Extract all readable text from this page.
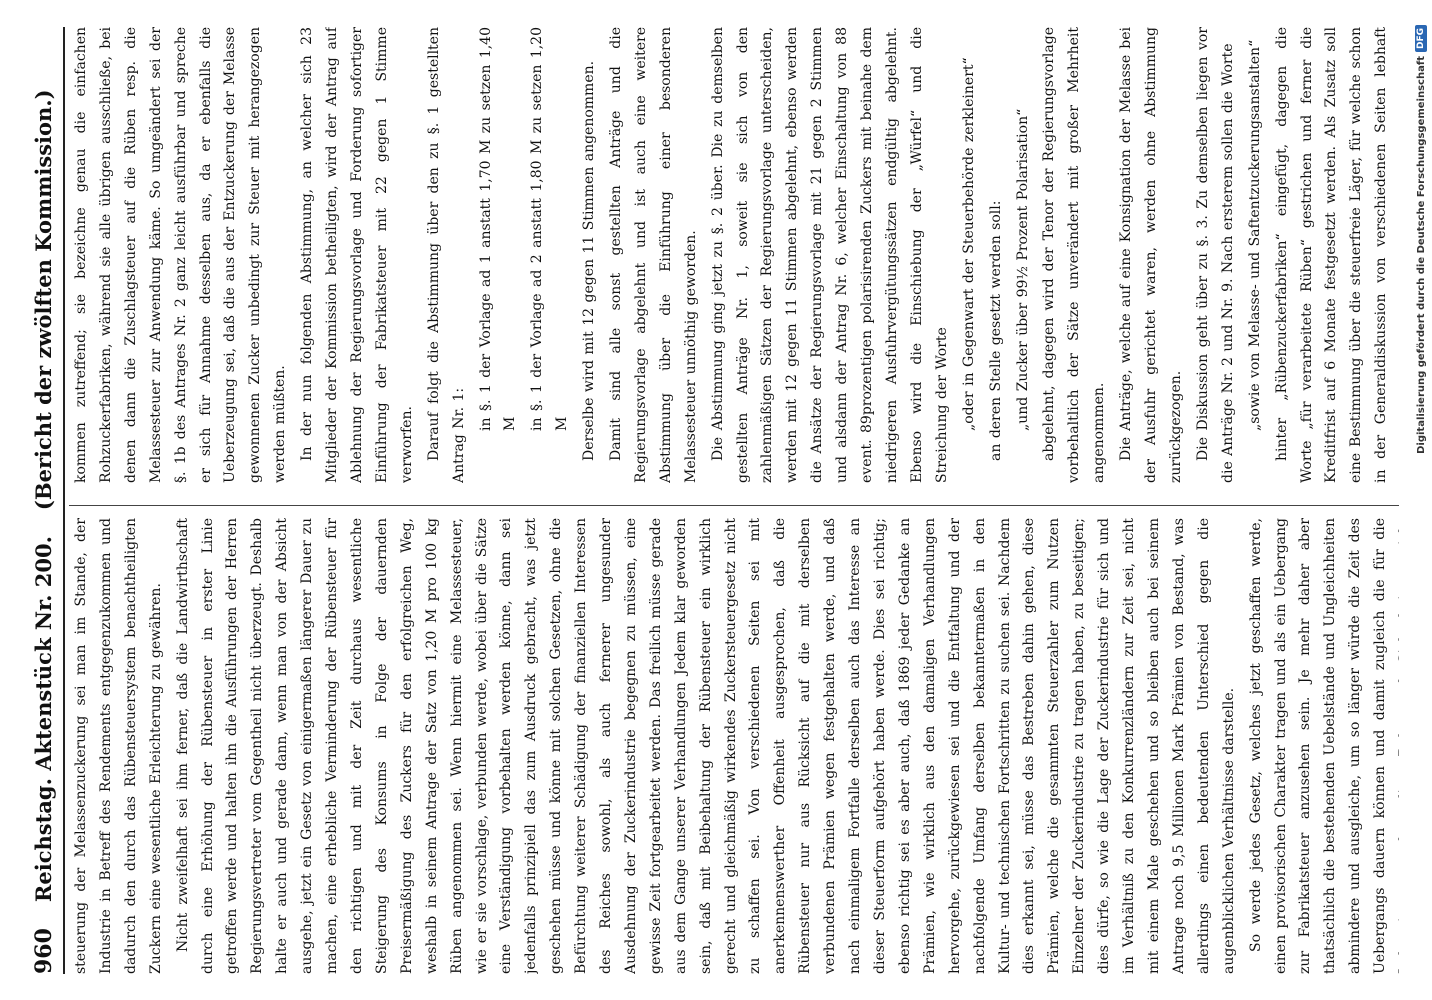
960
Reichstag. Aktenstück Nr. 200.
(Bericht der zwölften Kommission.)

steuerung der Melassenzuckerung sei man im Stande, der Industrie in Betreff des Rendements entgegenzukommen und dadurch den durch das Rübensteuersystem benachtheiligten Zuckern eine wesentliche Erleichterung zu gewähren. Nicht zweifelhaft sei ihm ferner, daß die Landwirthschaft durch eine Erhöhung der Rübensteuer in erster Linie getroffen werde und halten ihn die Ausführungen der Herren Regierungsvertreter vom Gegentheil nicht überzeugt. Deshalb halte er auch und gerade dann, wenn man von der Absicht ausgehe, jetzt ein Gesetz von einigermaßen längerer Dauer zu machen, eine erhebliche Verminderung der Rübensteuer für den richtigen und mit der Zeit durchaus wesentliche Steigerung des Konsums in Folge der dauernden Preisermäßigung des Zuckers für den erfolgreichen Weg, weshalb in seinem Antrage der Satz von 1,20 M pro 100 kg Rüben angenommen sei. Wenn hiermit eine Melassesteuer, wie er sie vorschlage, verbunden werde, wobei über die Sätze eine Verständigung vorbehalten werden könne, dann sei jedenfalls prinzipiell das zum Ausdruck gebracht, was jetzt geschehen müsse und könne mit solchen Gesetzen, ohne die Befürchtung weiterer Schädigung der finanziellen Interessen des Reiches sowohl, als auch fernerer ungesunder Ausdehnung der Zuckerindustrie begegnen zu müssen, eine gewisse Zeit fortgearbeitet werden. Das freilich müsse gerade aus dem Gange unserer Verhandlungen Jedem klar geworden sein, daß mit Beibehaltung der Rübensteuer ein wirklich gerecht und gleichmäßig wirkendes Zuckersteuergesetz nicht zu schaffen sei. Von verschiedenen Seiten sei mit anerkennenswerther Offenheit ausgesprochen, daß die Rübensteuer nur aus Rücksicht auf die mit derselben verbundenen Prämien wegen festgehalten werde, und daß nach einmaligem Fortfalle derselben auch das Interesse an dieser Steuerform aufgehört haben werde. Dies sei richtig; ebenso richtig sei es aber auch, daß 1869 jeder Gedanke an Prämien, wie wirklich aus den damaligen Verhandlungen hervorgehe, zurückgewiesen sei und die Entfaltung und der nachfolgende Umfang derselben bekanntermaßen in den Kultur- und technischen Fortschritten zu suchen sei. Nachdem dies erkannt sei, müsse das Bestreben dahin gehen, diese Prämien, welche die gesammten Steuerzahler zum Nutzen Einzelner der Zuckerindustrie zu tragen haben, zu beseitigen; dies dürfe, so wie die Lage der Zuckerindustrie für sich und im Verhältniß zu den Konkurrenzländern zur Zeit sei, nicht mit einem Male geschehen und so bleiben auch bei seinem Antrage noch 9,5 Millionen Mark Prämien von Bestand, was allerdings einen bedeutenden Unterschied gegen die augenblicklichen Verhältnisse darstelle. So werde jedes Gesetz, welches jetzt geschaffen werde, einen provisorischen Charakter tragen und als ein Uebergang zur Fabrikatsteuer anzusehen sein. Je mehr daher aber thatsächlich die bestehenden Uebelstände und Ungleichheiten abmindere und ausgleiche, um so länger würde die Zeit des Uebergangs dauern können und damit zugleich die für die

kommen zutreffend; sie bezeichne genau die einfachen Rohzuckerfabriken, während sie alle übrigen ausschließe, bei denen dann die Zuschlagsteuer auf die Rüben resp. die Melassesteuer zur Anwendung käme. So umgeändert sei der §. 1b des Antrages Nr. 2 ganz leicht ausführbar und spreche er sich für Annahme desselben aus, da er ebenfalls die Ueberzeugung sei, daß die aus der Entzuckerung der Melasse gewonnenen Zucker unbedingt zur Steuer mit herangezogen werden müßten. In der nun folgenden Abstimmung, an welcher sich 23 Mitglieder der Kommission betheiligten, wird der Antrag auf Ablehnung der Regierungsvorlage und Forderung sofortiger Einführung der Fabrikatsteuer mit 22 gegen 1 Stimme verworfen. Darauf folgt die Abstimmung über den zu §. 1 gestellten Antrag Nr. 1:

in §. 1 der Vorlage ad 1 anstatt 1,70 M zu setzen 1,40 M in §. 1 der Vorlage ad 2 anstatt 1,80 M zu setzen 1,20 M Derselbe wird mit 12 gegen 11 Stimmen angenommen. Damit sind alle sonst gestellten Anträge und die Regierungsvorlage abgelehnt und ist auch eine weitere Abstimmung über die Einführung einer besonderen Melassesteuer unnöthig geworden. Die Abstimmung ging jetzt zu §. 2 über. Die zu demselben gestellten Anträge Nr. 1, soweit sie sich von den zahlenmäßigen Sätzen der Regierungsvorlage unterscheiden, werden mit 12 gegen 11 Stimmen abgelehnt, ebenso werden die Ansätze der Regierungsvorlage mit 21 gegen 2 Stimmen und alsdann der Antrag Nr. 6, welcher Einschaltung von 88 event. 89prozentigen polarisirenden Zuckers mit beinahe dem niedrigeren Ausfuhrvergütungssätzen endgültig abgelehnt. Ebenso wird die Einschiebung der „Würfel“ und die Streichung der Worte „oder in Gegenwart der Steuerbehörde zerkleinert“ an deren Stelle gesetzt werden soll: „und Zucker über 99½ Prozent Polarisation“ abgelehnt, dagegen wird der Tenor der Regierungsvorlage vorbehaltlich der Sätze unverändert mit großer Mehrheit angenommen. Die Anträge, welche auf eine Konsignation der Melasse bei der Ausfuhr gerichtet waren, werden ohne Abstimmung zurückgezogen. Die Diskussion geht über zu §. 3. Zu demselben liegen vor die Anträge Nr. 2 und Nr. 9. Nach ersterem sollen die Worte „sowie von Melasse- und Saftentzuckerungsanstalten“

hinter „Rübenzuckerfabriken“ eingefügt, dagegen die Worte „für verarbeitete Rüben“ gestrichen und ferner die Kreditfrist auf 6 Monate festgesetzt werden. Als Zusatz soll eine Bestimmung über die steuerfreie Läger, für welche schon in der Generaldiskussion von verschiedenen Seiten lebhaft

Digitalisierung gefördert durch die Deutsche Forschungsgemeinschaft
DFG
